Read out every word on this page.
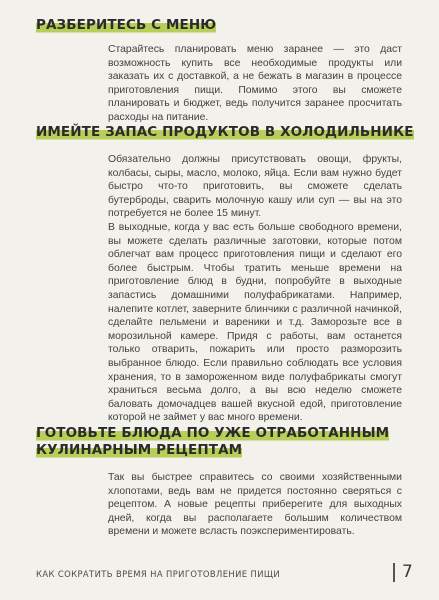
РАЗБЕРИТЕСЬ С МЕНЮ

Старайтесь планировать меню заранее — это даст возможность купить все необходимые продукты или заказать их с доставкой, а не бежать в магазин в процессе приготовления пищи. Помимо этого вы сможете планировать и бюджет, ведь получится заранее просчитать расходы на питание.

ИМЕЙТЕ ЗАПАС ПРОДУКТОВ В ХОЛОДИЛЬНИКЕ

Обязательно должны присутствовать овощи, фрукты, колбасы, сыры, масло, молоко, яйца. Если вам нужно будет быстро что-то приготовить, вы сможете сделать бутерброды, сварить молочную кашу или суп — вы на это потребуется не более 15 минут.

В выходные, когда у вас есть больше свободного времени, вы можете сделать различные заготовки, которые потом облегчат вам процесс приготовления пищи и сделают его более быстрым. Чтобы тратить меньше времени на приготовление блюд в будни, попробуйте в выходные запастись домашними полуфабрикатами. Например, налепите котлет, заверните блинчики с различной начинкой, сделайте пельмени и вареники и т.д. Заморозьте все в морозильной камере. Придя с работы, вам останется только отварить, пожарить или просто разморозить выбранное блюдо. Если правильно соблюдать все условия хранения, то в замороженном виде полуфабрикаты смогут храниться весьма долго, а вы всю неделю сможете баловать домочадцев вашей вкусной едой, приготовление которой не займет у вас много времени.

ГОТОВЬТЕ БЛЮДА ПО УЖЕ ОТРАБОТАННЫМ
КУЛИНАРНЫМ РЕЦЕПТАМ

Так вы быстрее справитесь со своими хозяйственными хлопотами, ведь вам не придется постоянно сверяться с рецептом. А новые рецепты приберегите для выходных дней, когда вы располагаете большим количеством времени и можете всласть поэкспериментировать.

КАК СОКРАТИТЬ ВРЕМЯ НА ПРИГОТОВЛЕНИЕ ПИЩИ	7
